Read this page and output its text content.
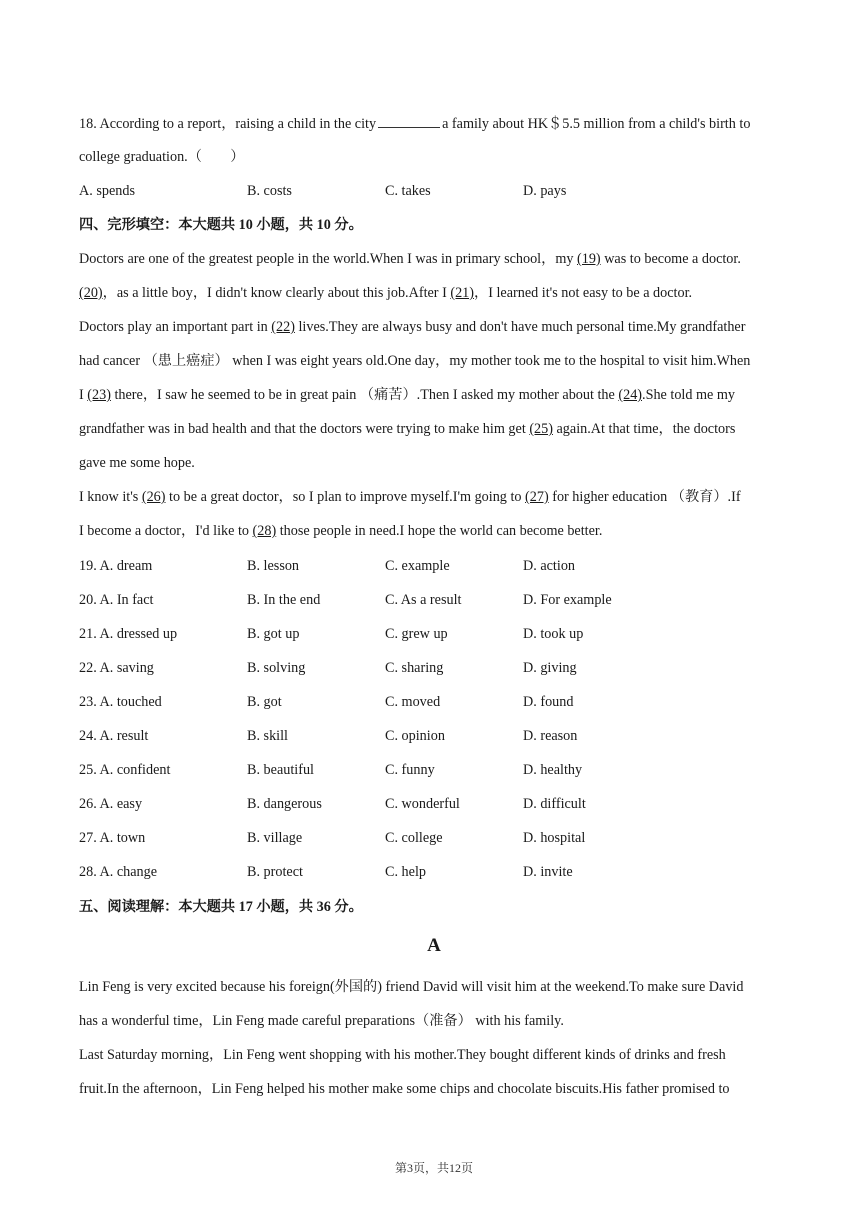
18. According to a report，raising a child in the city	a family about HK＄5.5 million from a child's birth to
college graduation.（　　）
A. spends	B. costs	C. takes	D. pays
四、完形填空：本大题共 10 小题，共 10 分。
Doctors are one of the greatest people in the world.When I was in primary school，my (19) was to become a doctor.
(20)，as a little boy，I didn't know clearly about this job.After I (21)，I learned it's not easy to be a doctor.
Doctors play an important part in (22) lives.They are always busy and don't have much personal time.My grandfather
had cancer （患上癌症） when I was eight years old.One day，my mother took me to the hospital to visit him.When
I (23) there，I saw he seemed to be in great pain （痛苦）.Then I asked my mother about the (24).She told me my
grandfather was in bad health and that the doctors were trying to make him get (25) again.At that time，the doctors
gave me some hope.
I know it's (26) to be a great doctor，so I plan to improve myself.I'm going to (27) for higher education （教育）.If
I become a doctor，I'd like to (28) those people in need.I hope the world can become better.
19. A. dream	B. lesson	C. example	D. action
20. A. In fact	B. In the end	C. As a result	D. For example
21. A. dressed up	B. got up	C. grew up	D. took up
22. A. saving	B. solving	C. sharing	D. giving
23. A. touched	B. got	C. moved	D. found
24. A. result	B. skill	C. opinion	D. reason
25. A. confident	B. beautiful	C. funny	D. healthy
26. A. easy	B. dangerous	C. wonderful	D. difficult
27. A. town	B. village	C. college	D. hospital
28. A. change	B. protect	C. help	D. invite
五、阅读理解：本大题共 17 小题，共 36 分。
A
Lin Feng is very excited because his foreign(外国的) friend David will visit him at the weekend.To make sure David
has a wonderful time，Lin Feng made careful preparations（准备） with his family.
Last Saturday morning，Lin Feng went shopping with his mother.They bought different kinds of drinks and fresh
fruit.In the afternoon，Lin Feng helped his mother make some chips and chocolate biscuits.His father promised to
第3页，共12页
